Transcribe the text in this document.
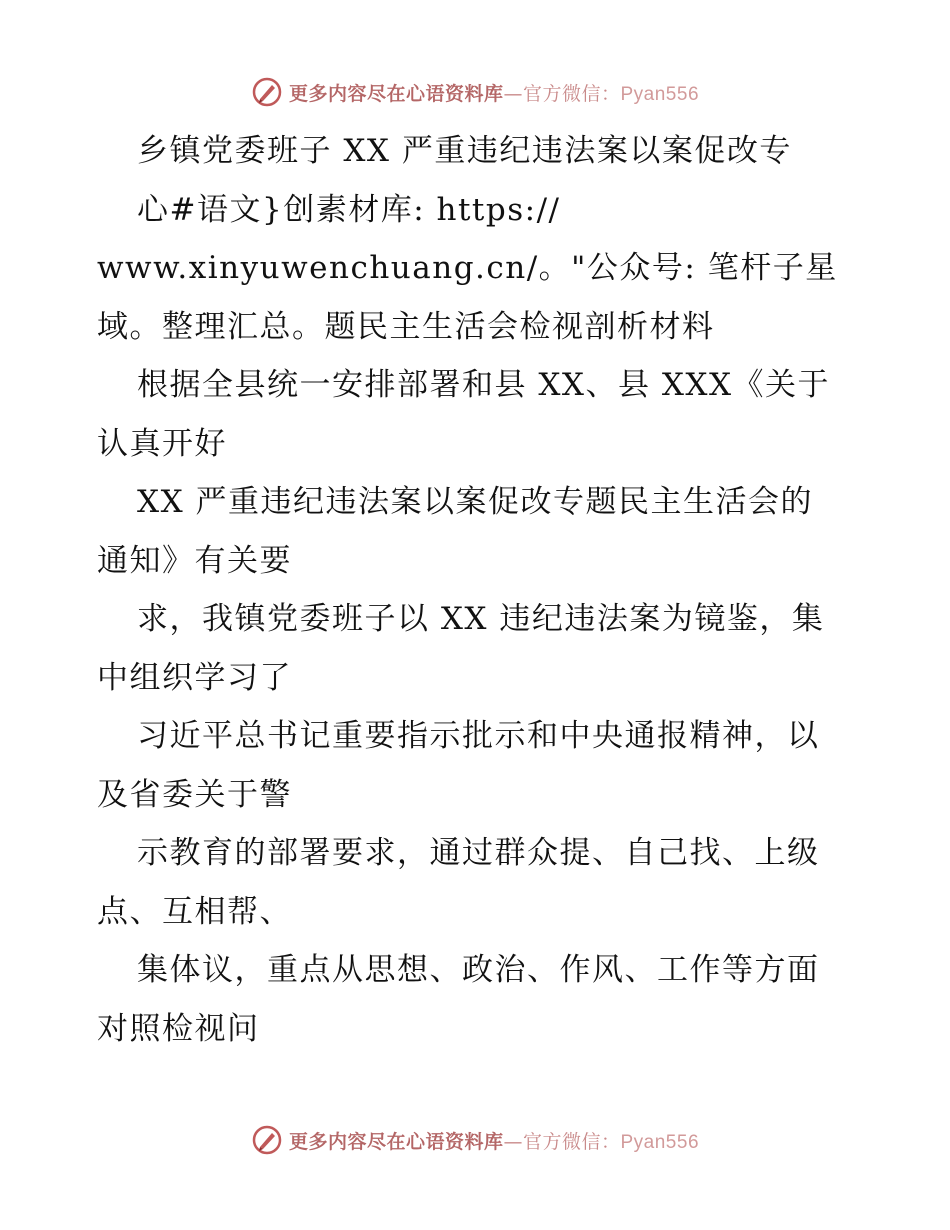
更多内容尽在心语资料库—官方微信：Pyan556
乡镇党委班子 XX 严重违纪违法案以案促改专
心#语文}创素材库: https://
www.xinyuwenchuang.cn/。"公众号: 笔杆子星
域。整理汇总。题民主生活会检视剖析材料
根据全县统一安排部署和县 XX、县 XXX《关于
认真开好
XX 严重违纪违法案以案促改专题民主生活会的
通知》有关要
求，我镇党委班子以 XX 违纪违法案为镜鉴，集
中组织学习了
习近平总书记重要指示批示和中央通报精神，以
及省委关于警
示教育的部署要求，通过群众提、自己找、上级
点、互相帮、
集体议，重点从思想、政治、作风、工作等方面
对照检视问
更多内容尽在心语资料库—官方微信：Pyan556
